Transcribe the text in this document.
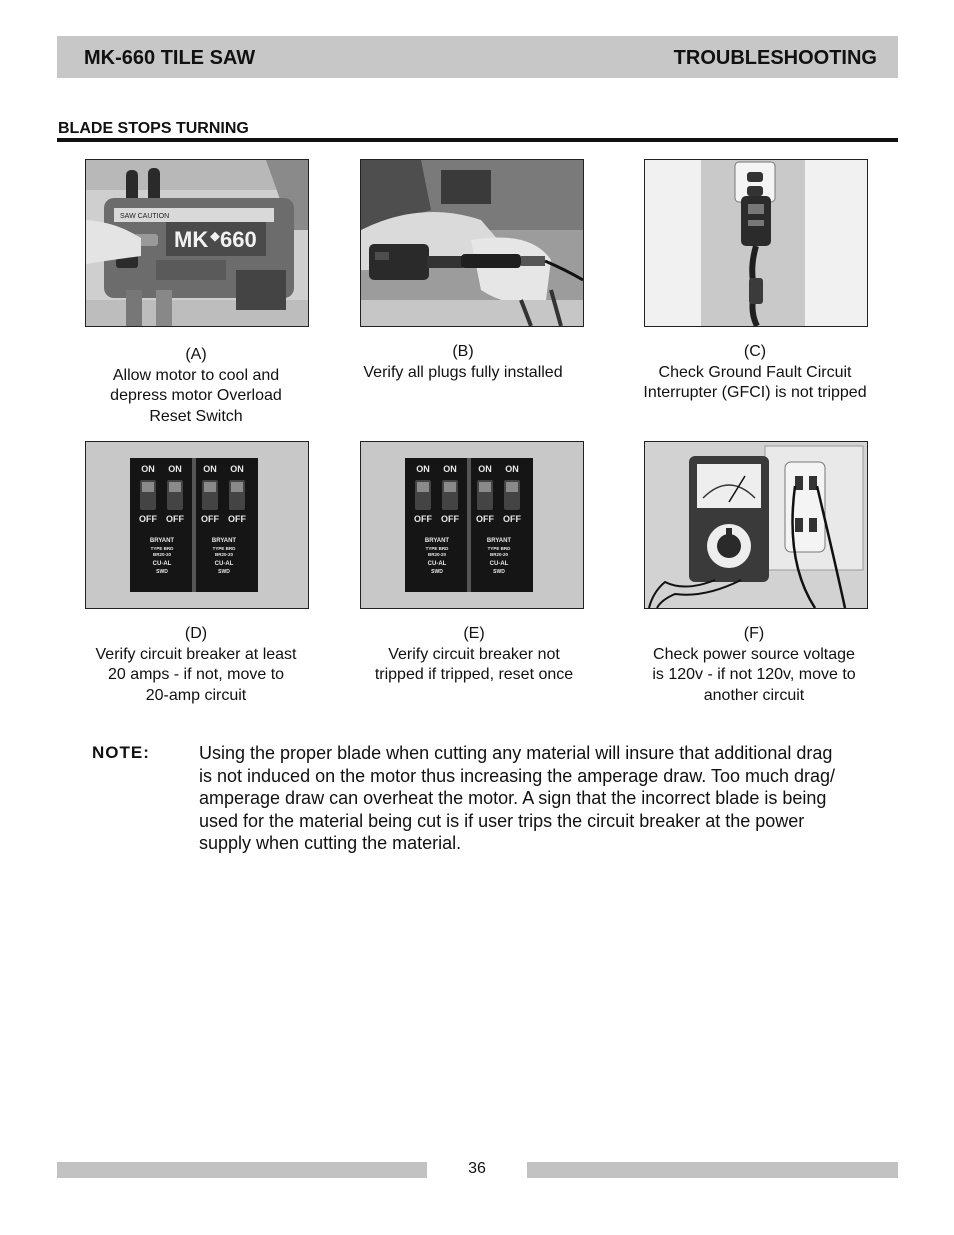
MK-660 TILE SAW	TROUBLESHOOTING
BLADE STOPS TURNING
SAW CAUTION
MK 660
(A)
Allow motor to cool and
depress motor Overload
Reset Switch
(B)
Verify all plugs fully installed
(C)
Check Ground Fault Circuit
Interrupter (GFCI) is not tripped
ON ON ON ON
OFF OFF OFF OFF
BRYANT
TYPE BRD
BR20-20
CU-AL
SWD
BRYANT
TYPE BRD
BR20-20
CU-AL
SWD
ON ON ON ON
OFF OFF OFF OFF
BRYANT
TYPE BRD
BR20-20
CU-AL
SWD
BRYANT
TYPE BRD
BR20-20
CU-AL
SWD
(D)
Verify circuit breaker at least
20 amps - if not, move to
20-amp circuit
(E)
Verify circuit breaker not
tripped if tripped, reset once
(F)
Check power source voltage
is 120v - if not 120v, move to
another circuit
NOTE:	Using the proper blade when cutting any material will insure that additional drag
is not induced on the motor thus increasing the amperage draw. Too much drag/
amperage draw can overheat the motor. A sign that the incorrect blade is being
used for the material being cut is if user trips the circuit breaker at the power
supply when cutting the material.
36
